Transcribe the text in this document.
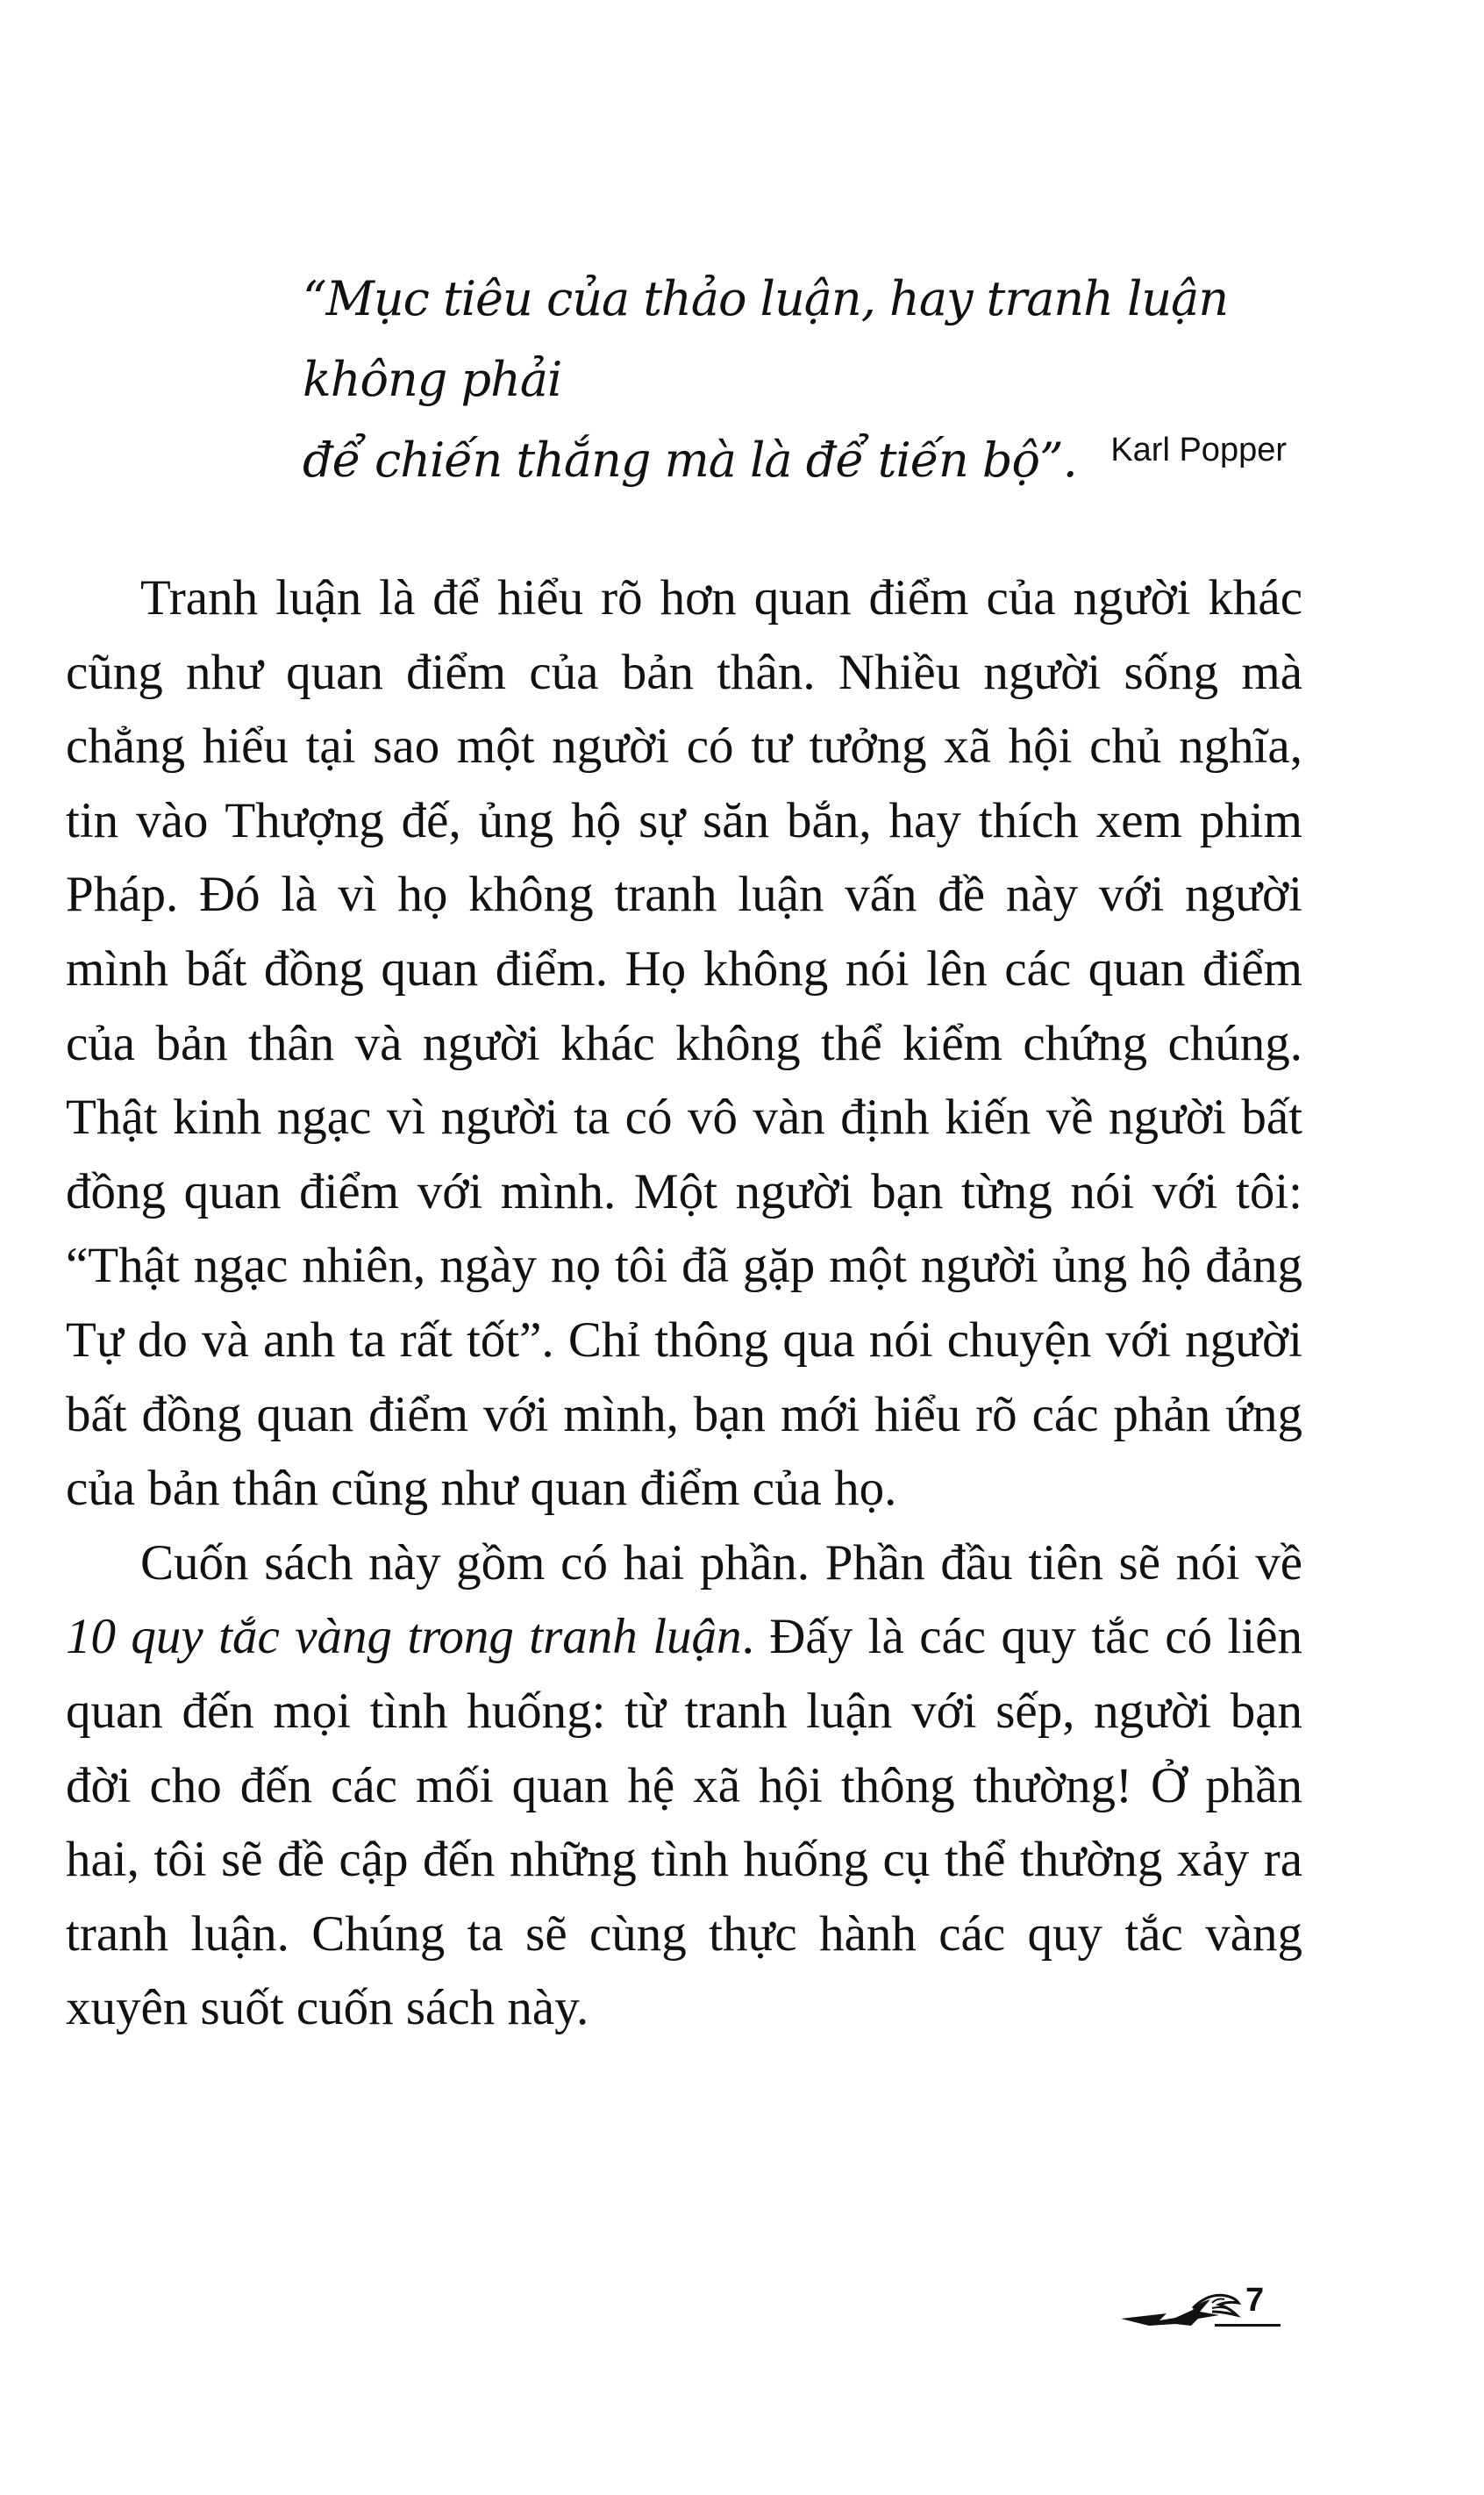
“Mục tiêu của thảo luận, hay tranh luận không phải
để chiến thắng mà là để tiến bộ”.	Karl Popper

Tranh luận là để hiểu rõ hơn quan điểm của người khác cũng như quan điểm của bản thân. Nhiều người sống mà chẳng hiểu tại sao một người có tư tưởng xã hội chủ nghĩa, tin vào Thượng đế, ủng hộ sự săn bắn, hay thích xem phim Pháp. Đó là vì họ không tranh luận vấn đề này với người mình bất đồng quan điểm. Họ không nói lên các quan điểm của bản thân và người khác không thể kiểm chứng chúng. Thật kinh ngạc vì người ta có vô vàn định kiến về người bất đồng quan điểm với mình. Một người bạn từng nói với tôi: “Thật ngạc nhiên, ngày nọ tôi đã gặp một người ủng hộ đảng Tự do và anh ta rất tốt”. Chỉ thông qua nói chuyện với người bất đồng quan điểm với mình, bạn mới hiểu rõ các phản ứng của bản thân cũng như quan điểm của họ.

Cuốn sách này gồm có hai phần. Phần đầu tiên sẽ nói về 10 quy tắc vàng trong tranh luận. Đấy là các quy tắc có liên quan đến mọi tình huống: từ tranh luận với sếp, người bạn đời cho đến các mối quan hệ xã hội thông thường! Ở phần hai, tôi sẽ đề cập đến những tình huống cụ thể thường xảy ra tranh luận. Chúng ta sẽ cùng thực hành các quy tắc vàng xuyên suốt cuốn sách này.

7
